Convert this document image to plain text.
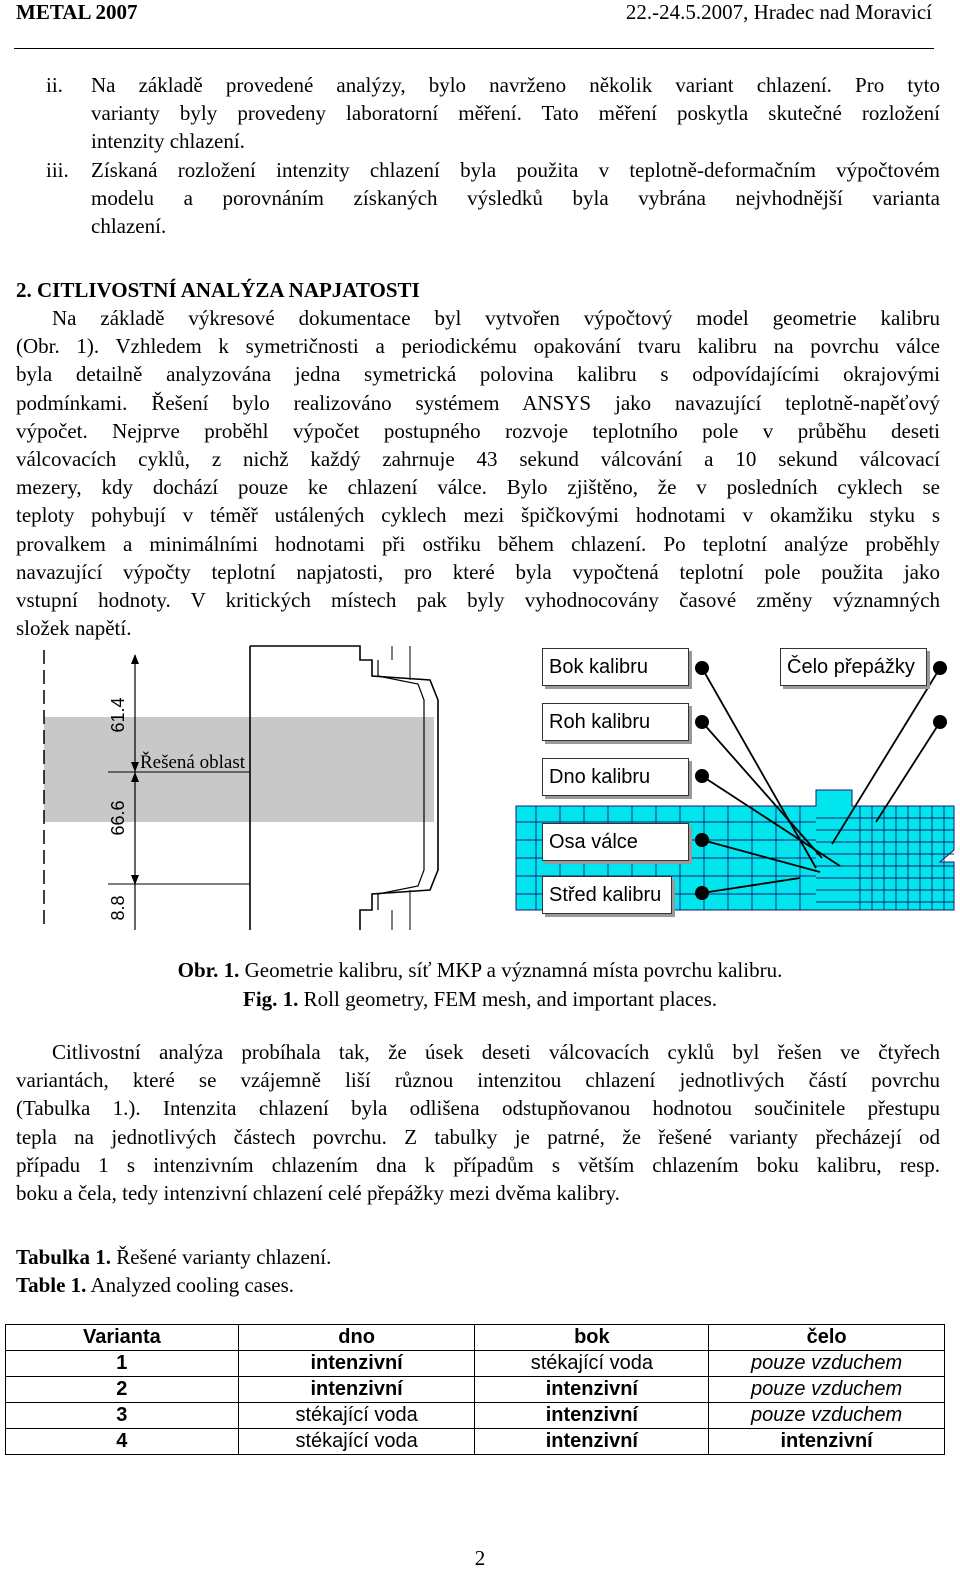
METAL 2007	22.-24.5.2007, Hradec nad Moravicí
ii.	Na základě provedené analýzy, bylo navrženo několik variant chlazení. Pro tyto
varianty byly provedeny laboratorní měření. Tato měření poskytla skutečné rozložení
intenzity chlazení.
iii.	Získaná rozložení intenzity chlazení byla použita v teplotně-deformačním výpočtovém
modelu a porovnáním získaných výsledků byla vybrána nejvhodnější varianta
chlazení.
2. CITLIVOSTNÍ ANALÝZA NAPJATOSTI
Na základě výkresové dokumentace byl vytvořen výpočtový model geometrie kalibru
(Obr. 1). Vzhledem k symetričnosti a periodickému opakování tvaru kalibru na povrchu válce
byla detailně analyzována jedna symetrická polovina kalibru s odpovídajícími okrajovými
podmínkami. Řešení bylo realizováno systémem ANSYS jako navazující teplotně-napěťový
výpočet. Nejprve proběhl výpočet postupného rozvoje teplotního pole v průběhu deseti
válcovacích cyklů, z nichž každý zahrnuje 43 sekund válcování a 10 sekund válcovací
mezery, kdy dochází pouze ke chlazení válce. Bylo zjištěno, že v posledních cyklech se
teploty pohybují v téměř ustálených cyklech mezi špičkovými hodnotami v okamžiku styku s
provalkem a minimálními hodnotami při ostřiku během chlazení. Po teplotní analýze proběhly
navazující výpočty teplotní napjatosti, pro které byla vypočtená teplotní pole použita jako
vstupní hodnoty. V kritických místech pak byly vyhodnocovány časové změny významných
složek napětí.
61.4
66.6
8.8
Řešená oblast
Bok kalibru	Čelo přepážky
Roh kalibru
Dno kalibru
Osa válce
Střed kalibru
Obr. 1. Geometrie kalibru, síť MKP a významná místa povrchu kalibru.
Fig. 1. Roll geometry, FEM mesh, and important places.
Citlivostní analýza probíhala tak, že úsek deseti válcovacích cyklů byl řešen ve čtyřech
variantách, které se vzájemně liší různou intenzitou chlazení jednotlivých částí povrchu
(Tabulka 1.). Intenzita chlazení byla odlišena odstupňovanou hodnotou součinitele přestupu
tepla na jednotlivých částech povrchu. Z tabulky je patrné, že řešené varianty přecházejí od
případu 1 s intenzivním chlazením dna k případům s větším chlazením boku kalibru, resp.
boku a čela, tedy intenzivní chlazení celé přepážky mezi dvěma kalibry.
Tabulka 1. Řešené varianty chlazení.
Table 1. Analyzed cooling cases.
Varianta	dno	bok	čelo
1	intenzivní	stékající voda	pouze vzduchem
2	intenzivní	intenzivní	pouze vzduchem
3	stékající voda	intenzivní	pouze vzduchem
4	stékající voda	intenzivní	intenzivní
2
